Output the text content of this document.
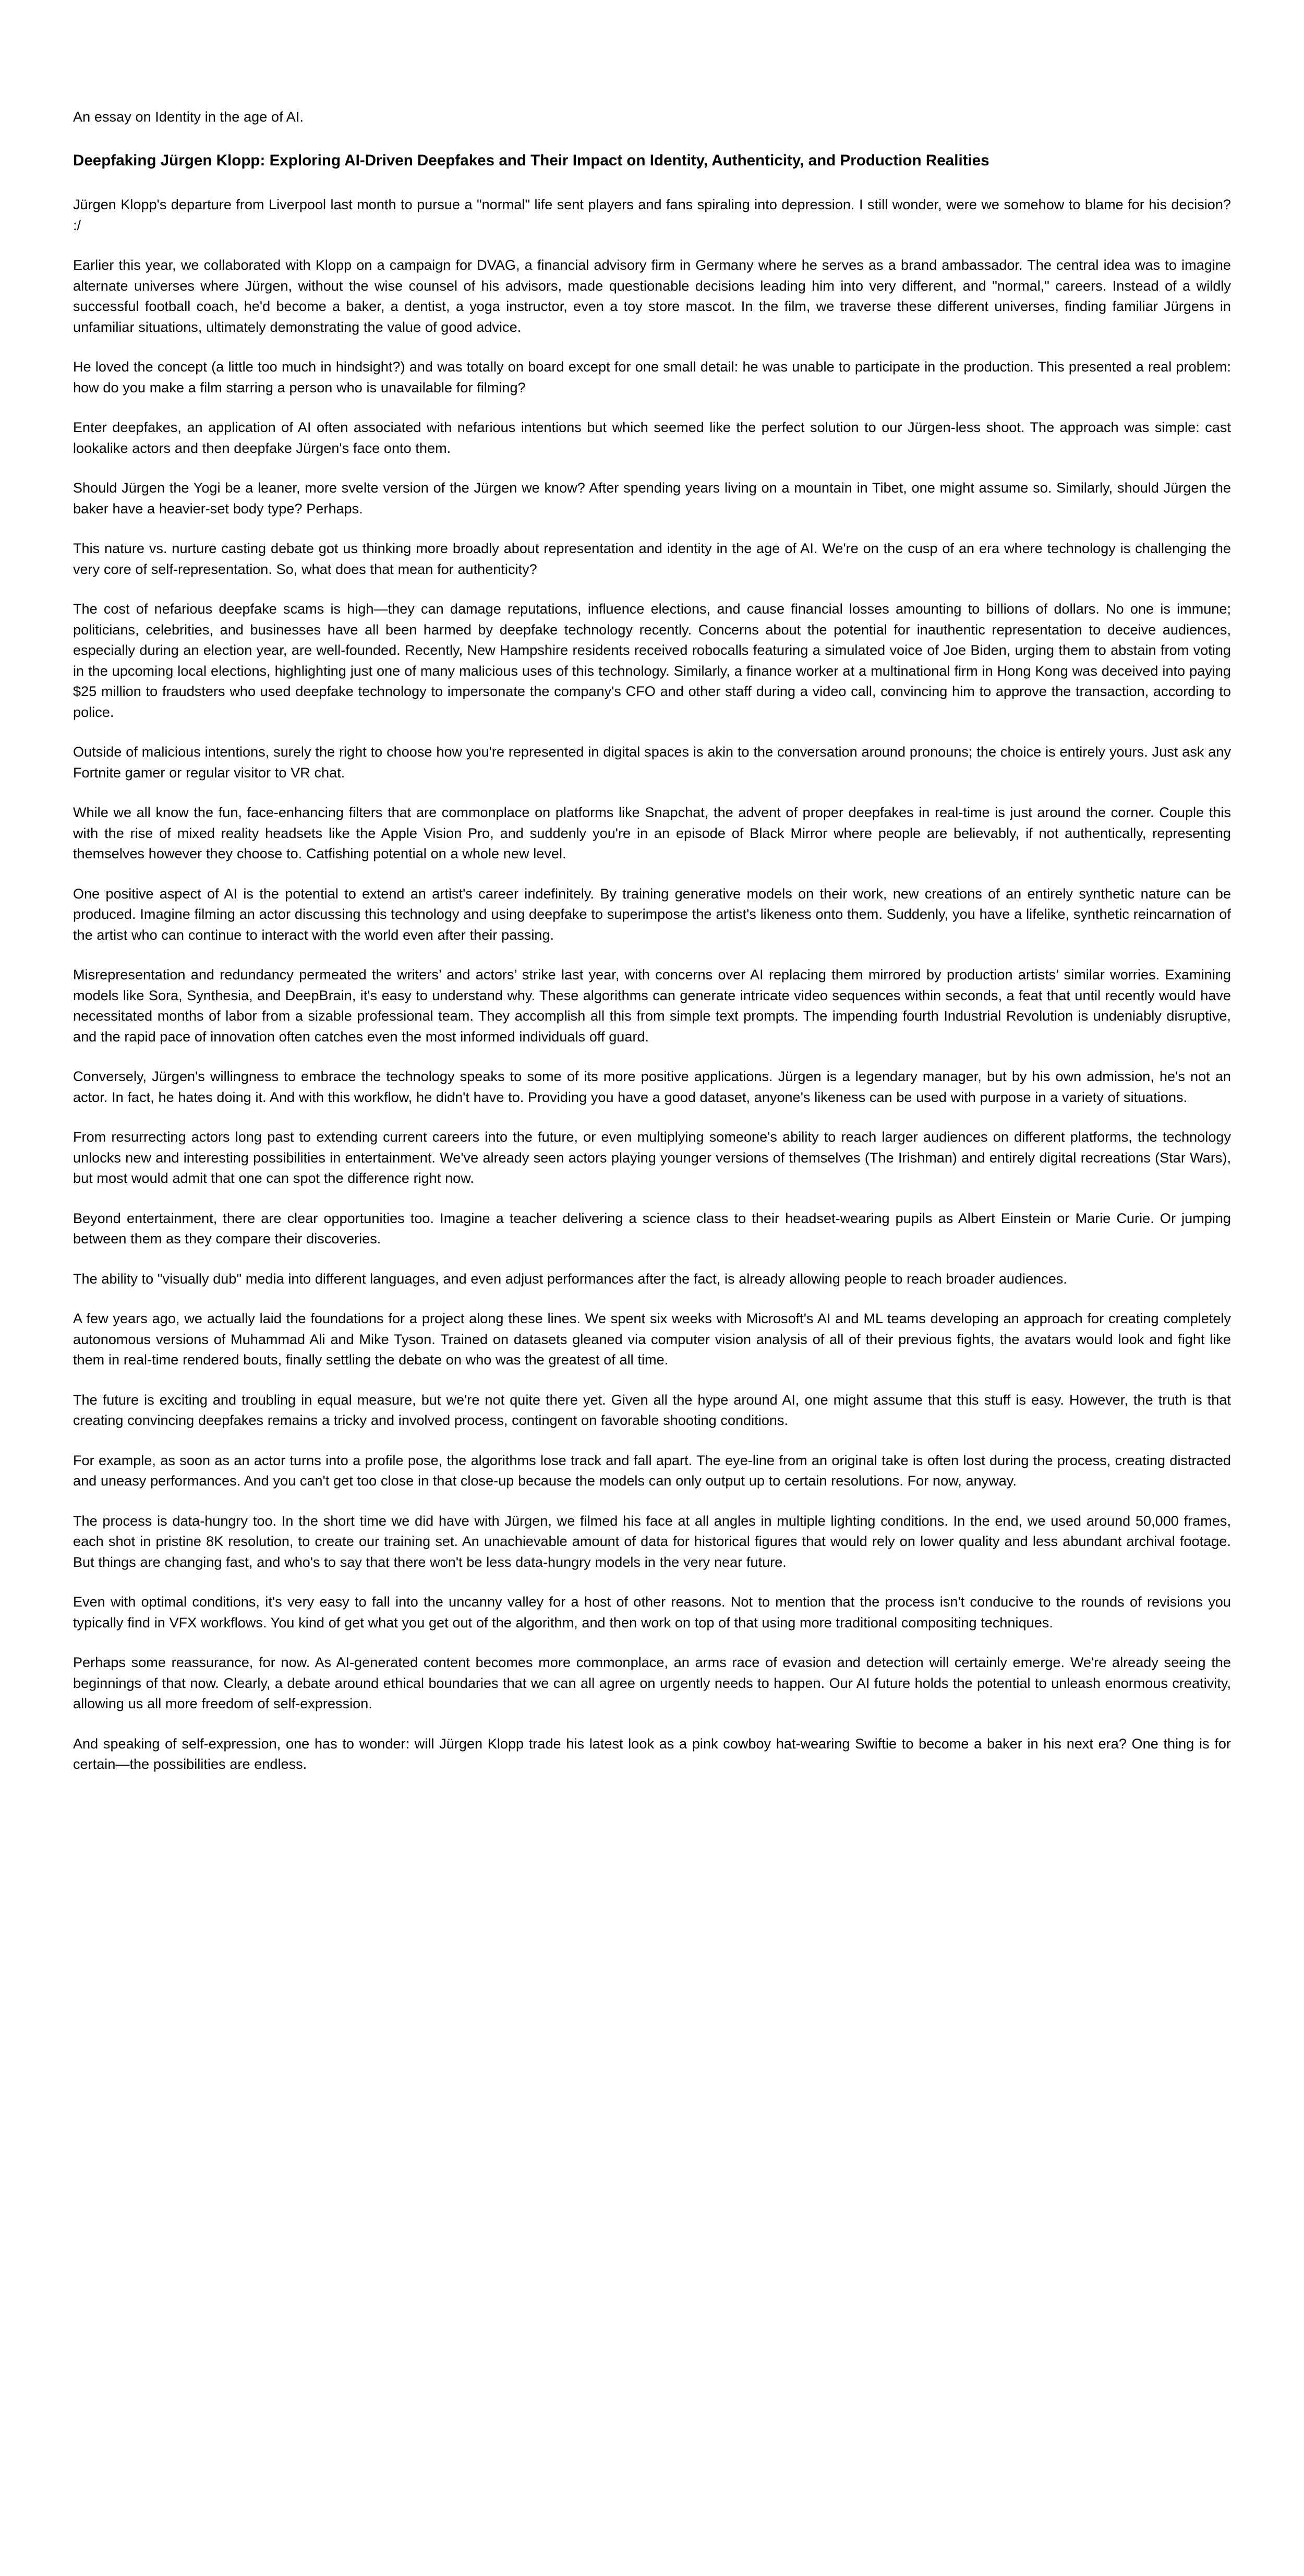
An essay on Identity in the age of AI.

Deepfaking Jürgen Klopp: Exploring AI-Driven Deepfakes and Their Impact on Identity, Authenticity, and Production Realities

Jürgen Klopp's departure from Liverpool last month to pursue a "normal" life sent players and fans spiraling into depression. I still wonder, were we somehow to blame for his decision? :/

Earlier this year, we collaborated with Klopp on a campaign for DVAG, a financial advisory firm in Germany where he serves as a brand ambassador. The central idea was to imagine alternate universes where Jürgen, without the wise counsel of his advisors, made questionable decisions leading him into very different, and "normal," careers. Instead of a wildly successful football coach, he'd become a baker, a dentist, a yoga instructor, even a toy store mascot. In the film, we traverse these different universes, finding familiar Jürgens in unfamiliar situations, ultimately demonstrating the value of good advice.

He loved the concept (a little too much in hindsight?) and was totally on board except for one small detail: he was unable to participate in the production. This presented a real problem: how do you make a film starring a person who is unavailable for filming?

Enter deepfakes, an application of AI often associated with nefarious intentions but which seemed like the perfect solution to our Jürgen-less shoot. The approach was simple: cast lookalike actors and then deepfake Jürgen's face onto them.

Should Jürgen the Yogi be a leaner, more svelte version of the Jürgen we know? After spending years living on a mountain in Tibet, one might assume so. Similarly, should Jürgen the baker have a heavier-set body type? Perhaps.

This nature vs. nurture casting debate got us thinking more broadly about representation and identity in the age of AI. We're on the cusp of an era where technology is challenging the very core of self-representation. So, what does that mean for authenticity?

The cost of nefarious deepfake scams is high—they can damage reputations, influence elections, and cause financial losses amounting to billions of dollars. No one is immune; politicians, celebrities, and businesses have all been harmed by deepfake technology recently. Concerns about the potential for inauthentic representation to deceive audiences, especially during an election year, are well-founded. Recently, New Hampshire residents received robocalls featuring a simulated voice of Joe Biden, urging them to abstain from voting in the upcoming local elections, highlighting just one of many malicious uses of this technology. Similarly, a finance worker at a multinational firm in Hong Kong was deceived into paying $25 million to fraudsters who used deepfake technology to impersonate the company's CFO and other staff during a video call, convincing him to approve the transaction, according to police.

Outside of malicious intentions, surely the right to choose how you're represented in digital spaces is akin to the conversation around pronouns; the choice is entirely yours. Just ask any Fortnite gamer or regular visitor to VR chat.

While we all know the fun, face-enhancing filters that are commonplace on platforms like Snapchat, the advent of proper deepfakes in real-time is just around the corner. Couple this with the rise of mixed reality headsets like the Apple Vision Pro, and suddenly you're in an episode of Black Mirror where people are believably, if not authentically, representing themselves however they choose to. Catfishing potential on a whole new level.

One positive aspect of AI is the potential to extend an artist's career indefinitely. By training generative models on their work, new creations of an entirely synthetic nature can be produced. Imagine filming an actor discussing this technology and using deepfake to superimpose the artist's likeness onto them. Suddenly, you have a lifelike, synthetic reincarnation of the artist who can continue to interact with the world even after their passing.

Misrepresentation and redundancy permeated the writers’ and actors’ strike last year, with concerns over AI replacing them mirrored by production artists’ similar worries. Examining models like Sora, Synthesia, and DeepBrain, it's easy to understand why. These algorithms can generate intricate video sequences within seconds, a feat that until recently would have necessitated months of labor from a sizable professional team. They accomplish all this from simple text prompts. The impending fourth Industrial Revolution is undeniably disruptive, and the rapid pace of innovation often catches even the most informed individuals off guard.

Conversely, Jürgen's willingness to embrace the technology speaks to some of its more positive applications. Jürgen is a legendary manager, but by his own admission, he's not an actor. In fact, he hates doing it. And with this workflow, he didn't have to. Providing you have a good dataset, anyone's likeness can be used with purpose in a variety of situations.

From resurrecting actors long past to extending current careers into the future, or even multiplying someone's ability to reach larger audiences on different platforms, the technology unlocks new and interesting possibilities in entertainment. We've already seen actors playing younger versions of themselves (The Irishman) and entirely digital recreations (Star Wars), but most would admit that one can spot the difference right now.

Beyond entertainment, there are clear opportunities too. Imagine a teacher delivering a science class to their headset-wearing pupils as Albert Einstein or Marie Curie. Or jumping between them as they compare their discoveries.

The ability to "visually dub" media into different languages, and even adjust performances after the fact, is already allowing people to reach broader audiences.

A few years ago, we actually laid the foundations for a project along these lines. We spent six weeks with Microsoft's AI and ML teams developing an approach for creating completely autonomous versions of Muhammad Ali and Mike Tyson. Trained on datasets gleaned via computer vision analysis of all of their previous fights, the avatars would look and fight like them in real-time rendered bouts, finally settling the debate on who was the greatest of all time.

The future is exciting and troubling in equal measure, but we're not quite there yet. Given all the hype around AI, one might assume that this stuff is easy. However, the truth is that creating convincing deepfakes remains a tricky and involved process, contingent on favorable shooting conditions.

For example, as soon as an actor turns into a profile pose, the algorithms lose track and fall apart. The eye-line from an original take is often lost during the process, creating distracted and uneasy performances. And you can't get too close in that close-up because the models can only output up to certain resolutions. For now, anyway.

The process is data-hungry too. In the short time we did have with Jürgen, we filmed his face at all angles in multiple lighting conditions. In the end, we used around 50,000 frames, each shot in pristine 8K resolution, to create our training set. An unachievable amount of data for historical figures that would rely on lower quality and less abundant archival footage. But things are changing fast, and who's to say that there won't be less data-hungry models in the very near future.

Even with optimal conditions, it's very easy to fall into the uncanny valley for a host of other reasons. Not to mention that the process isn't conducive to the rounds of revisions you typically find in VFX workflows. You kind of get what you get out of the algorithm, and then work on top of that using more traditional compositing techniques.

Perhaps some reassurance, for now. As AI-generated content becomes more commonplace, an arms race of evasion and detection will certainly emerge. We're already seeing the beginnings of that now. Clearly, a debate around ethical boundaries that we can all agree on urgently needs to happen. Our AI future holds the potential to unleash enormous creativity, allowing us all more freedom of self-expression.

And speaking of self-expression, one has to wonder: will Jürgen Klopp trade his latest look as a pink cowboy hat-wearing Swiftie to become a baker in his next era? One thing is for certain—the possibilities are endless.
